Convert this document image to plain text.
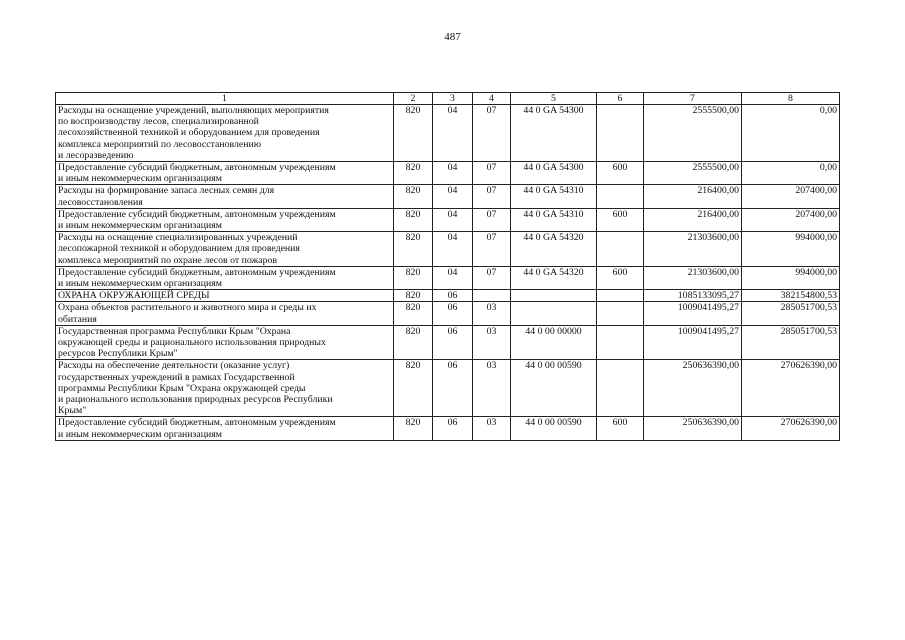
487
1	2	3	4	5	6	7	8
Расходы на оснащение учреждений, выполняющих мероприятия
по воспроизводству лесов, специализированной
лесохозяйственной техникой и оборудованием для проведения
комплекса мероприятий по лесовосстановлению
и лесоразведению	820	04	07	44 0 GA 54300		2555500,00	0,00
Предоставление субсидий бюджетным, автономным учреждениям
и иным некоммерческим организациям	820	04	07	44 0 GA 54300	600	2555500,00	0,00
Расходы на формирование запаса лесных семян для
лесовосстановления	820	04	07	44 0 GA 54310		216400,00	207400,00
Предоставление субсидий бюджетным, автономным учреждениям
и иным некоммерческим организациям	820	04	07	44 0 GA 54310	600	216400,00	207400,00
Расходы на оснащение специализированных учреждений
лесопожарной техникой и оборудованием для проведения
комплекса мероприятий по охране лесов от пожаров	820	04	07	44 0 GA 54320		21303600,00	994000,00
Предоставление субсидий бюджетным, автономным учреждениям
и иным некоммерческим организациям	820	04	07	44 0 GA 54320	600	21303600,00	994000,00
ОХРАНА ОКРУЖАЮЩЕЙ СРЕДЫ	820	06				1085133095,27	382154800,53
Охрана объектов растительного и животного мира и среды их
обитания	820	06	03			1009041495,27	285051700,53
Государственная программа Республики Крым "Охрана
окружающей среды и рационального использования природных
ресурсов Республики Крым"	820	06	03	44 0 00 00000		1009041495,27	285051700,53
Расходы на обеспечение деятельности (оказание услуг)
государственных учреждений в рамках Государственной
программы Республики Крым "Охрана окружающей среды
и рационального использования природных ресурсов Республики
Крым"	820	06	03	44 0 00 00590		250636390,00	270626390,00
Предоставление субсидий бюджетным, автономным учреждениям
и иным некоммерческим организациям	820	06	03	44 0 00 00590	600	250636390,00	270626390,00
